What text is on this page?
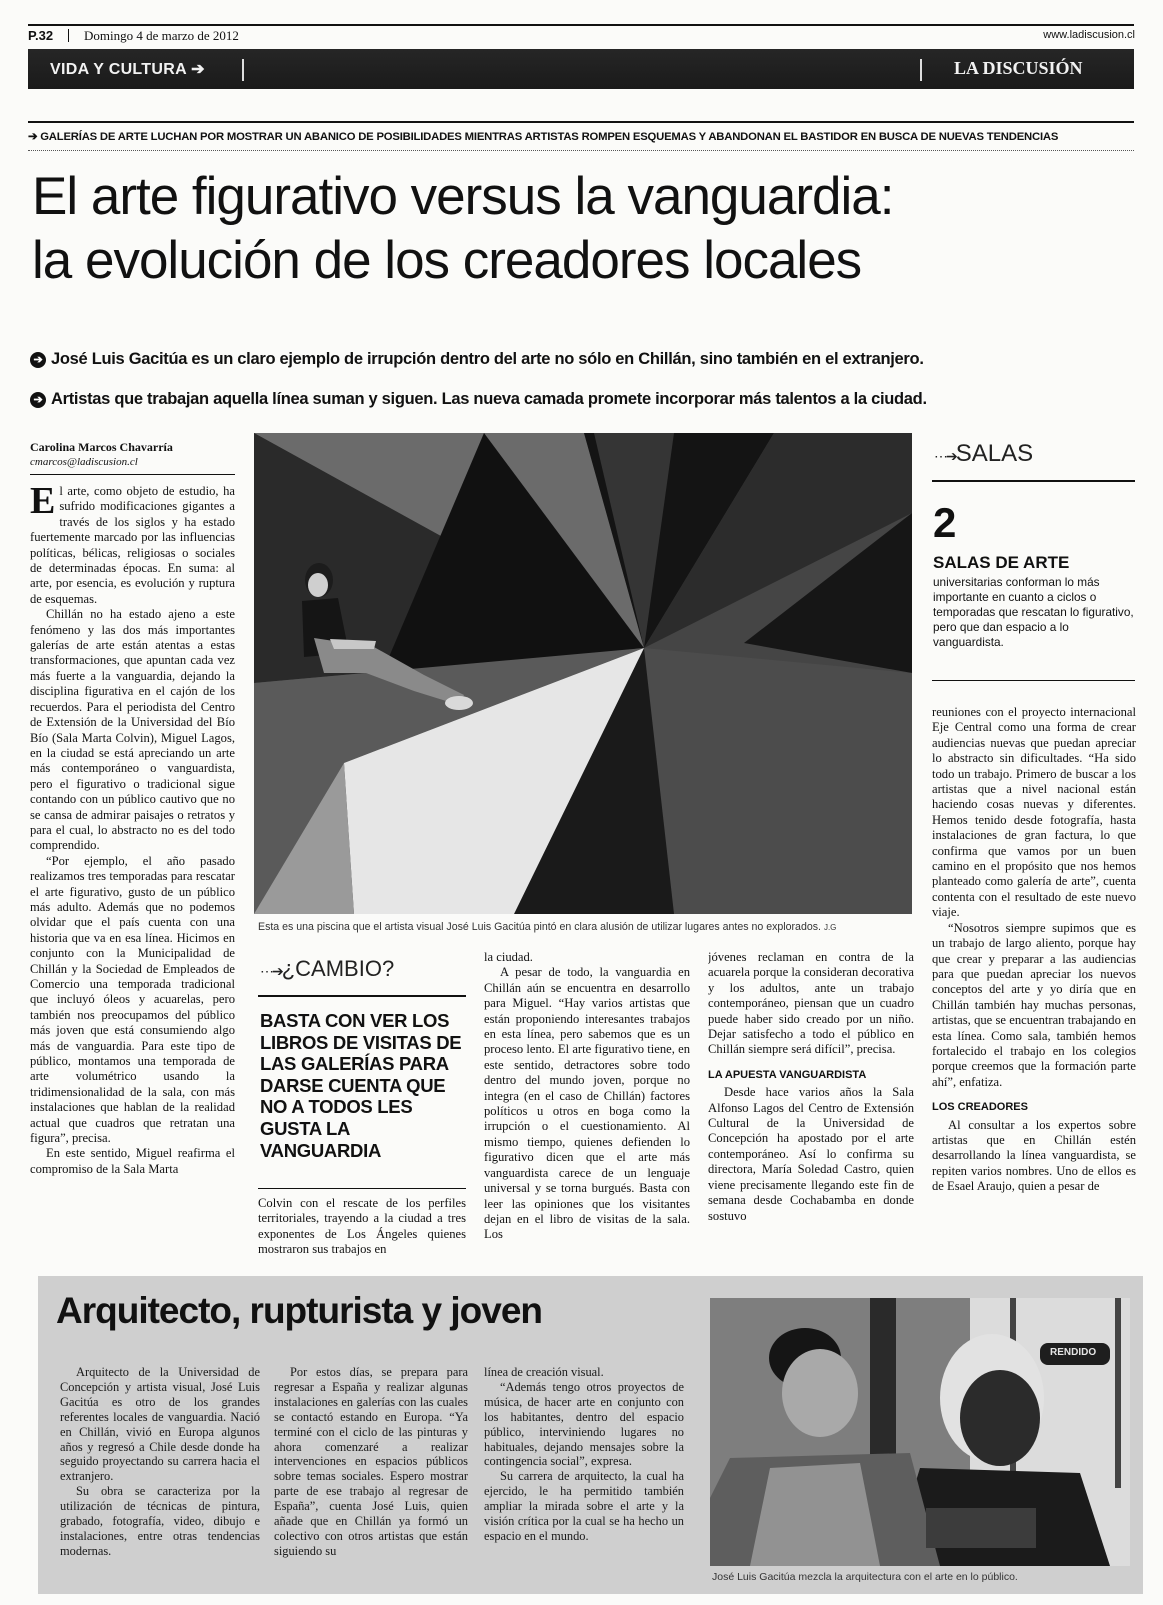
P.32 Domingo 4 de marzo de 2012	www.ladiscusion.cl
VIDA Y CULTURA ➔	LA DISCUSIÓN
➔ GALERÍAS DE ARTE LUCHAN POR MOSTRAR UN ABANICO DE POSIBILIDADES MIENTRAS ARTISTAS ROMPEN ESQUEMAS Y ABANDONAN EL BASTIDOR EN BUSCA DE NUEVAS TENDENCIAS
El arte figurativo versus la vanguardia:
la evolución de los creadores locales
➔ José Luis Gacitúa es un claro ejemplo de irrupción dentro del arte no sólo en Chillán, sino también en el extranjero.
➔ Artistas que trabajan aquella línea suman y siguen. Las nueva camada promete incorporar más talentos a la ciudad.
Carolina Marcos Chavarría
cmarcos@ladiscusion.cl

El arte, como objeto de estudio, ha sufrido modificaciones gigantes a través de los siglos y ha estado fuertemente marcado por las influencias políticas, bélicas, religiosas o sociales de determinadas épocas. En suma: al arte, por esencia, es evolución y ruptura de esquemas.

Chillán no ha estado ajeno a este fenómeno y las dos más importantes galerías de arte están atentas a estas transformaciones, que apuntan cada vez más fuerte a la vanguardia, dejando la disciplina figurativa en el cajón de los recuerdos. Para el periodista del Centro de Extensión de la Universidad del Bío Bío (Sala Marta Colvin), Miguel Lagos, en la ciudad se está apreciando un arte más contemporáneo o vanguardista, pero el figurativo o tradicional sigue contando con un público cautivo que no se cansa de admirar paisajes o retratos y para el cual, lo abstracto no es del todo comprendido.

“Por ejemplo, el año pasado realizamos tres temporadas para rescatar el arte figurativo, gusto de un público más adulto. Además que no podemos olvidar que el país cuenta con una historia que va en esa línea. Hicimos en conjunto con la Municipalidad de Chillán y la Sociedad de Empleados de Comercio una temporada tradicional que incluyó óleos y acuarelas, pero también nos preocupamos del público más joven que está consumiendo algo más de vanguardia. Para este tipo de público, montamos una temporada de arte volumétrico usando la tridimensionalidad de la sala, con más instalaciones que hablan de la realidad actual que cuadros que retratan una figura”, precisa.

En este sentido, Miguel reafirma el compromiso de la Sala Marta

Esta es una piscina que el artista visual José Luis Gacitúa pintó en clara alusión de utilizar lugares antes no explorados. J.G
⋯➔¿CAMBIO?
BASTA CON VER LOS LIBROS DE VISITAS DE LAS GALERÍAS PARA DARSE CUENTA QUE NO A TODOS LES GUSTA LA VANGUARDIA

Colvin con el rescate de los perfiles territoriales, trayendo a la ciudad a tres exponentes de Los Ángeles quienes mostraron sus trabajos en

la ciudad.

A pesar de todo, la vanguardia en Chillán aún se encuentra en desarrollo para Miguel. “Hay varios artistas que están proponiendo interesantes trabajos en esta línea, pero sabemos que es un proceso lento. El arte figurativo tiene, en este sentido, detractores sobre todo dentro del mundo joven, porque no integra (en el caso de Chillán) factores políticos u otros en boga como la irrupción o el cuestionamiento. Al mismo tiempo, quienes defienden lo figurativo dicen que el arte más vanguardista carece de un lenguaje universal y se torna burgués. Basta con leer las opiniones que los visitantes dejan en el libro de visitas de la sala. Los

jóvenes reclaman en contra de la acuarela porque la consideran decorativa y los adultos, ante un trabajo contemporáneo, piensan que un cuadro puede haber sido creado por un niño. Dejar satisfecho a todo el público en Chillán siempre será difícil”, precisa.

LA APUESTA VANGUARDISTA

Desde hace varios años la Sala Alfonso Lagos del Centro de Extensión Cultural de la Universidad de Concepción ha apostado por el arte contemporáneo. Así lo confirma su directora, María Soledad Castro, quien viene precisamente llegando este fin de semana desde Cochabamba en donde sostuvo

⋯➔SALAS
2
SALAS DE ARTE
universitarias conforman lo más importante en cuanto a ciclos o temporadas que rescatan lo figurativo, pero que dan espacio a lo vanguardista.

reuniones con el proyecto internacional Eje Central como una forma de crear audiencias nuevas que puedan apreciar lo abstracto sin dificultades. “Ha sido todo un trabajo. Primero de buscar a los artistas que a nivel nacional están haciendo cosas nuevas y diferentes. Hemos tenido desde fotografía, hasta instalaciones de gran factura, lo que confirma que vamos por un buen camino en el propósito que nos hemos planteado como galería de arte”, cuenta contenta con el resultado de este nuevo viaje.

“Nosotros siempre supimos que es un trabajo de largo aliento, porque hay que crear y preparar a las audiencias para que puedan apreciar los nuevos conceptos del arte y yo diría que en Chillán también hay muchas personas, artistas, que se encuentran trabajando en esta línea. Como sala, también hemos fortalecido el trabajo en los colegios porque creemos que la formación parte ahí”, enfatiza.

LOS CREADORES

Al consultar a los expertos sobre artistas que en Chillán estén desarrollando la línea vanguardista, se repiten varios nombres. Uno de ellos es de Esael Araujo, quien a pesar de

Arquitecto, rupturista y joven

Arquitecto de la Universidad de Concepción y artista visual, José Luis Gacitúa es otro de los grandes referentes locales de vanguardia. Nació en Chillán, vivió en Europa algunos años y regresó a Chile desde donde ha seguido proyectando su carrera hacia el extranjero.

Su obra se caracteriza por la utilización de técnicas de pintura, grabado, fotografía, video, dibujo e instalaciones, entre otras tendencias modernas.

Por estos días, se prepara para regresar a España y realizar algunas instalaciones en galerías con las cuales se contactó estando en Europa. “Ya terminé con el ciclo de las pinturas y ahora comenzaré a realizar intervenciones en espacios públicos sobre temas sociales. Espero mostrar parte de ese trabajo al regresar de España”, cuenta José Luis, quien añade que en Chillán ya formó un colectivo con otros artistas que están siguiendo su

línea de creación visual.

“Además tengo otros proyectos de música, de hacer arte en conjunto con los habitantes, dentro del espacio público, interviniendo lugares no habituales, dejando mensajes sobre la contingencia social”, expresa.

Su carrera de arquitecto, la cual ha ejercido, le ha permitido también ampliar la mirada sobre el arte y la visión crítica por la cual se ha hecho un espacio en el mundo.

RENDIDO
José Luis Gacitúa mezcla la arquitectura con el arte en lo público.
